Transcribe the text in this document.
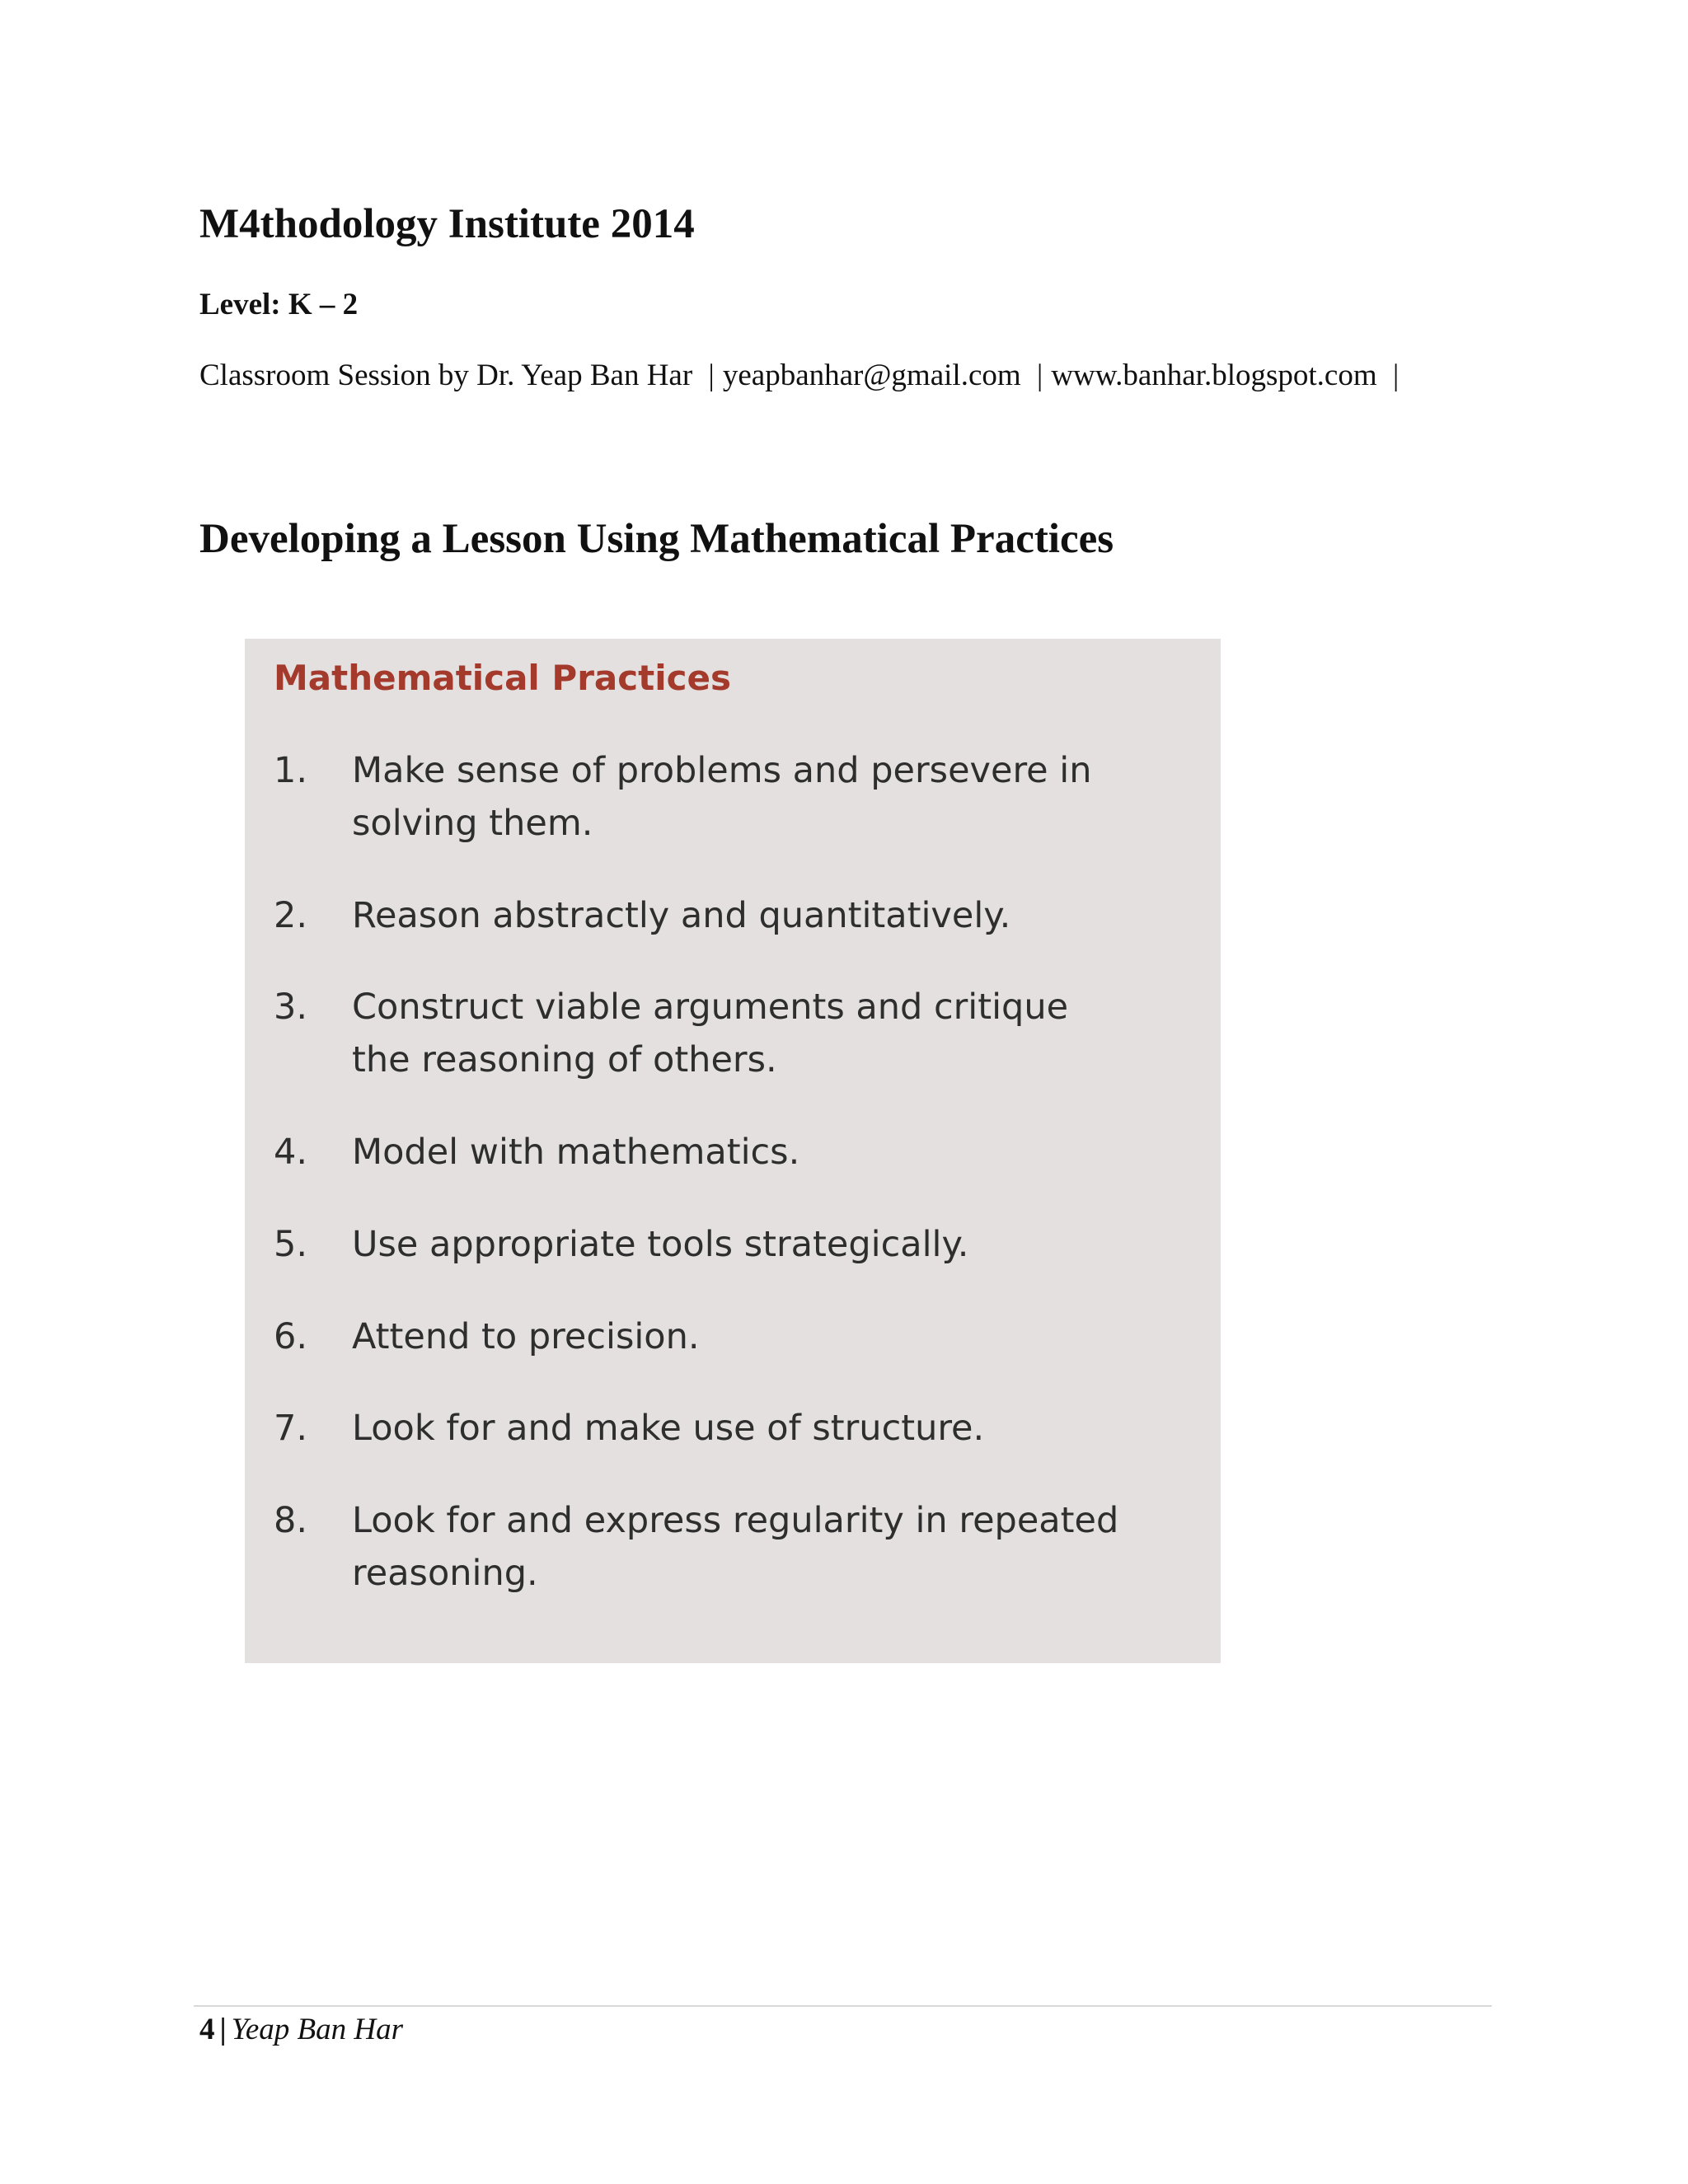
M4thodology Institute 2014
Level: K – 2
Classroom Session by Dr. Yeap Ban Har | yeapbanhar@gmail.com | www.banhar.blogspot.com |
Developing a Lesson Using Mathematical Practices
Mathematical Practices
1.	Make sense of problems and persevere in
solving them.
2.	Reason abstractly and quantitatively.
3.	Construct viable arguments and critique
the reasoning of others.
4.	Model with mathematics.
5.	Use appropriate tools strategically.
6.	Attend to precision.
7.	Look for and make use of structure.
8.	Look for and express regularity in repeated
reasoning.
4 | Yeap Ban Har
